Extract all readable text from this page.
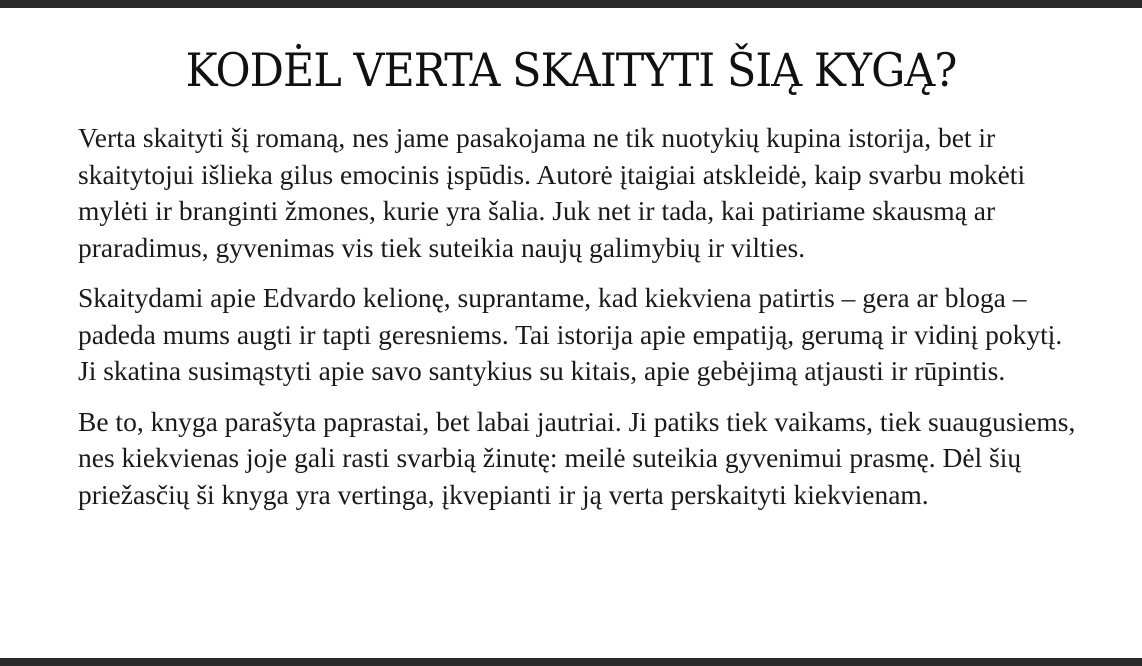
KODĖL VERTA SKAITYTI ŠIĄ KYGĄ?

Verta skaityti šį romaną, nes jame pasakojama ne tik nuotykių kupina istorija, bet ir skaitytojui išlieka gilus emocinis įspūdis. Autorė įtaigiai atskleidė, kaip svarbu mokėti mylėti ir branginti žmones, kurie yra šalia. Juk net ir tada, kai patiriame skausmą ar praradimus, gyvenimas vis tiek suteikia naujų galimybių ir vilties.

Skaitydami apie Edvardo kelionę, suprantame, kad kiekviena patirtis – gera ar bloga – padeda mums augti ir tapti geresniems. Tai istorija apie empatiją, gerumą ir vidinį pokytį. Ji skatina susimąstyti apie savo santykius su kitais, apie gebėjimą atjausti ir rūpintis.

Be to, knyga parašyta paprastai, bet labai jautriai. Ji patiks tiek vaikams, tiek suaugusiems, nes kiekvienas joje gali rasti svarbią žinutę: meilė suteikia gyvenimui prasmę. Dėl šių priežasčių ši knyga yra vertinga, įkvepianti ir ją verta perskaityti kiekvienam.
